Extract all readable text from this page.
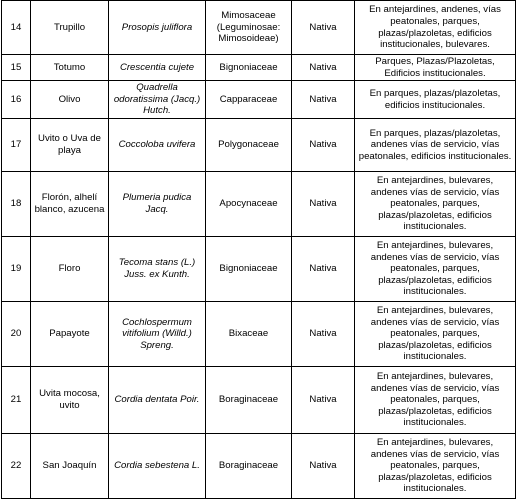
14	Trupillo	Prosopis juliflora	Mimosaceae (Leguminosae: Mimosoideae)	Nativa	En antejardines, andenes, vías peatonales, parques, plazas/plazoletas, edificios institucionales, bulevares.
15	Totumo	Crescentia cujete	Bignoniaceae	Nativa	Parques, Plazas/Plazoletas, Edificios institucionales.
16	Olivo	Quadrella odoratissima (Jacq.) Hutch.	Capparaceae	Nativa	En parques, plazas/plazoletas, edificios institucionales.
17	Uvito o Uva de playa	Coccoloba uvifera	Polygonaceae	Nativa	En parques, plazas/plazoletas, andenes vías de servicio, vías peatonales, edificios institucionales.
18	Florón, alhelí blanco, azucena	Plumeria pudica Jacq.	Apocynaceae	Nativa	En antejardines, bulevares, andenes vías de servicio, vías peatonales, parques, plazas/plazoletas, edificios institucionales.
19	Floro	Tecoma stans (L.) Juss. ex Kunth.	Bignoniaceae	Nativa	En antejardines, bulevares, andenes vías de servicio, vías peatonales, parques, plazas/plazoletas, edificios institucionales.
20	Papayote	Cochlospermum vitifolium (Willd.) Spreng.	Bixaceae	Nativa	En antejardines, bulevares, andenes vías de servicio, vías peatonales, parques, plazas/plazoletas, edificios institucionales.
21	Uvita mocosa, uvito	Cordia dentata Poir.	Boraginaceae	Nativa	En antejardines, bulevares, andenes vías de servicio, vías peatonales, parques, plazas/plazoletas, edificios institucionales.
22	San Joaquín	Cordia sebestena L.	Boraginaceae	Nativa	En antejardines, bulevares, andenes vías de servicio, vías peatonales, parques, plazas/plazoletas, edificios institucionales.
